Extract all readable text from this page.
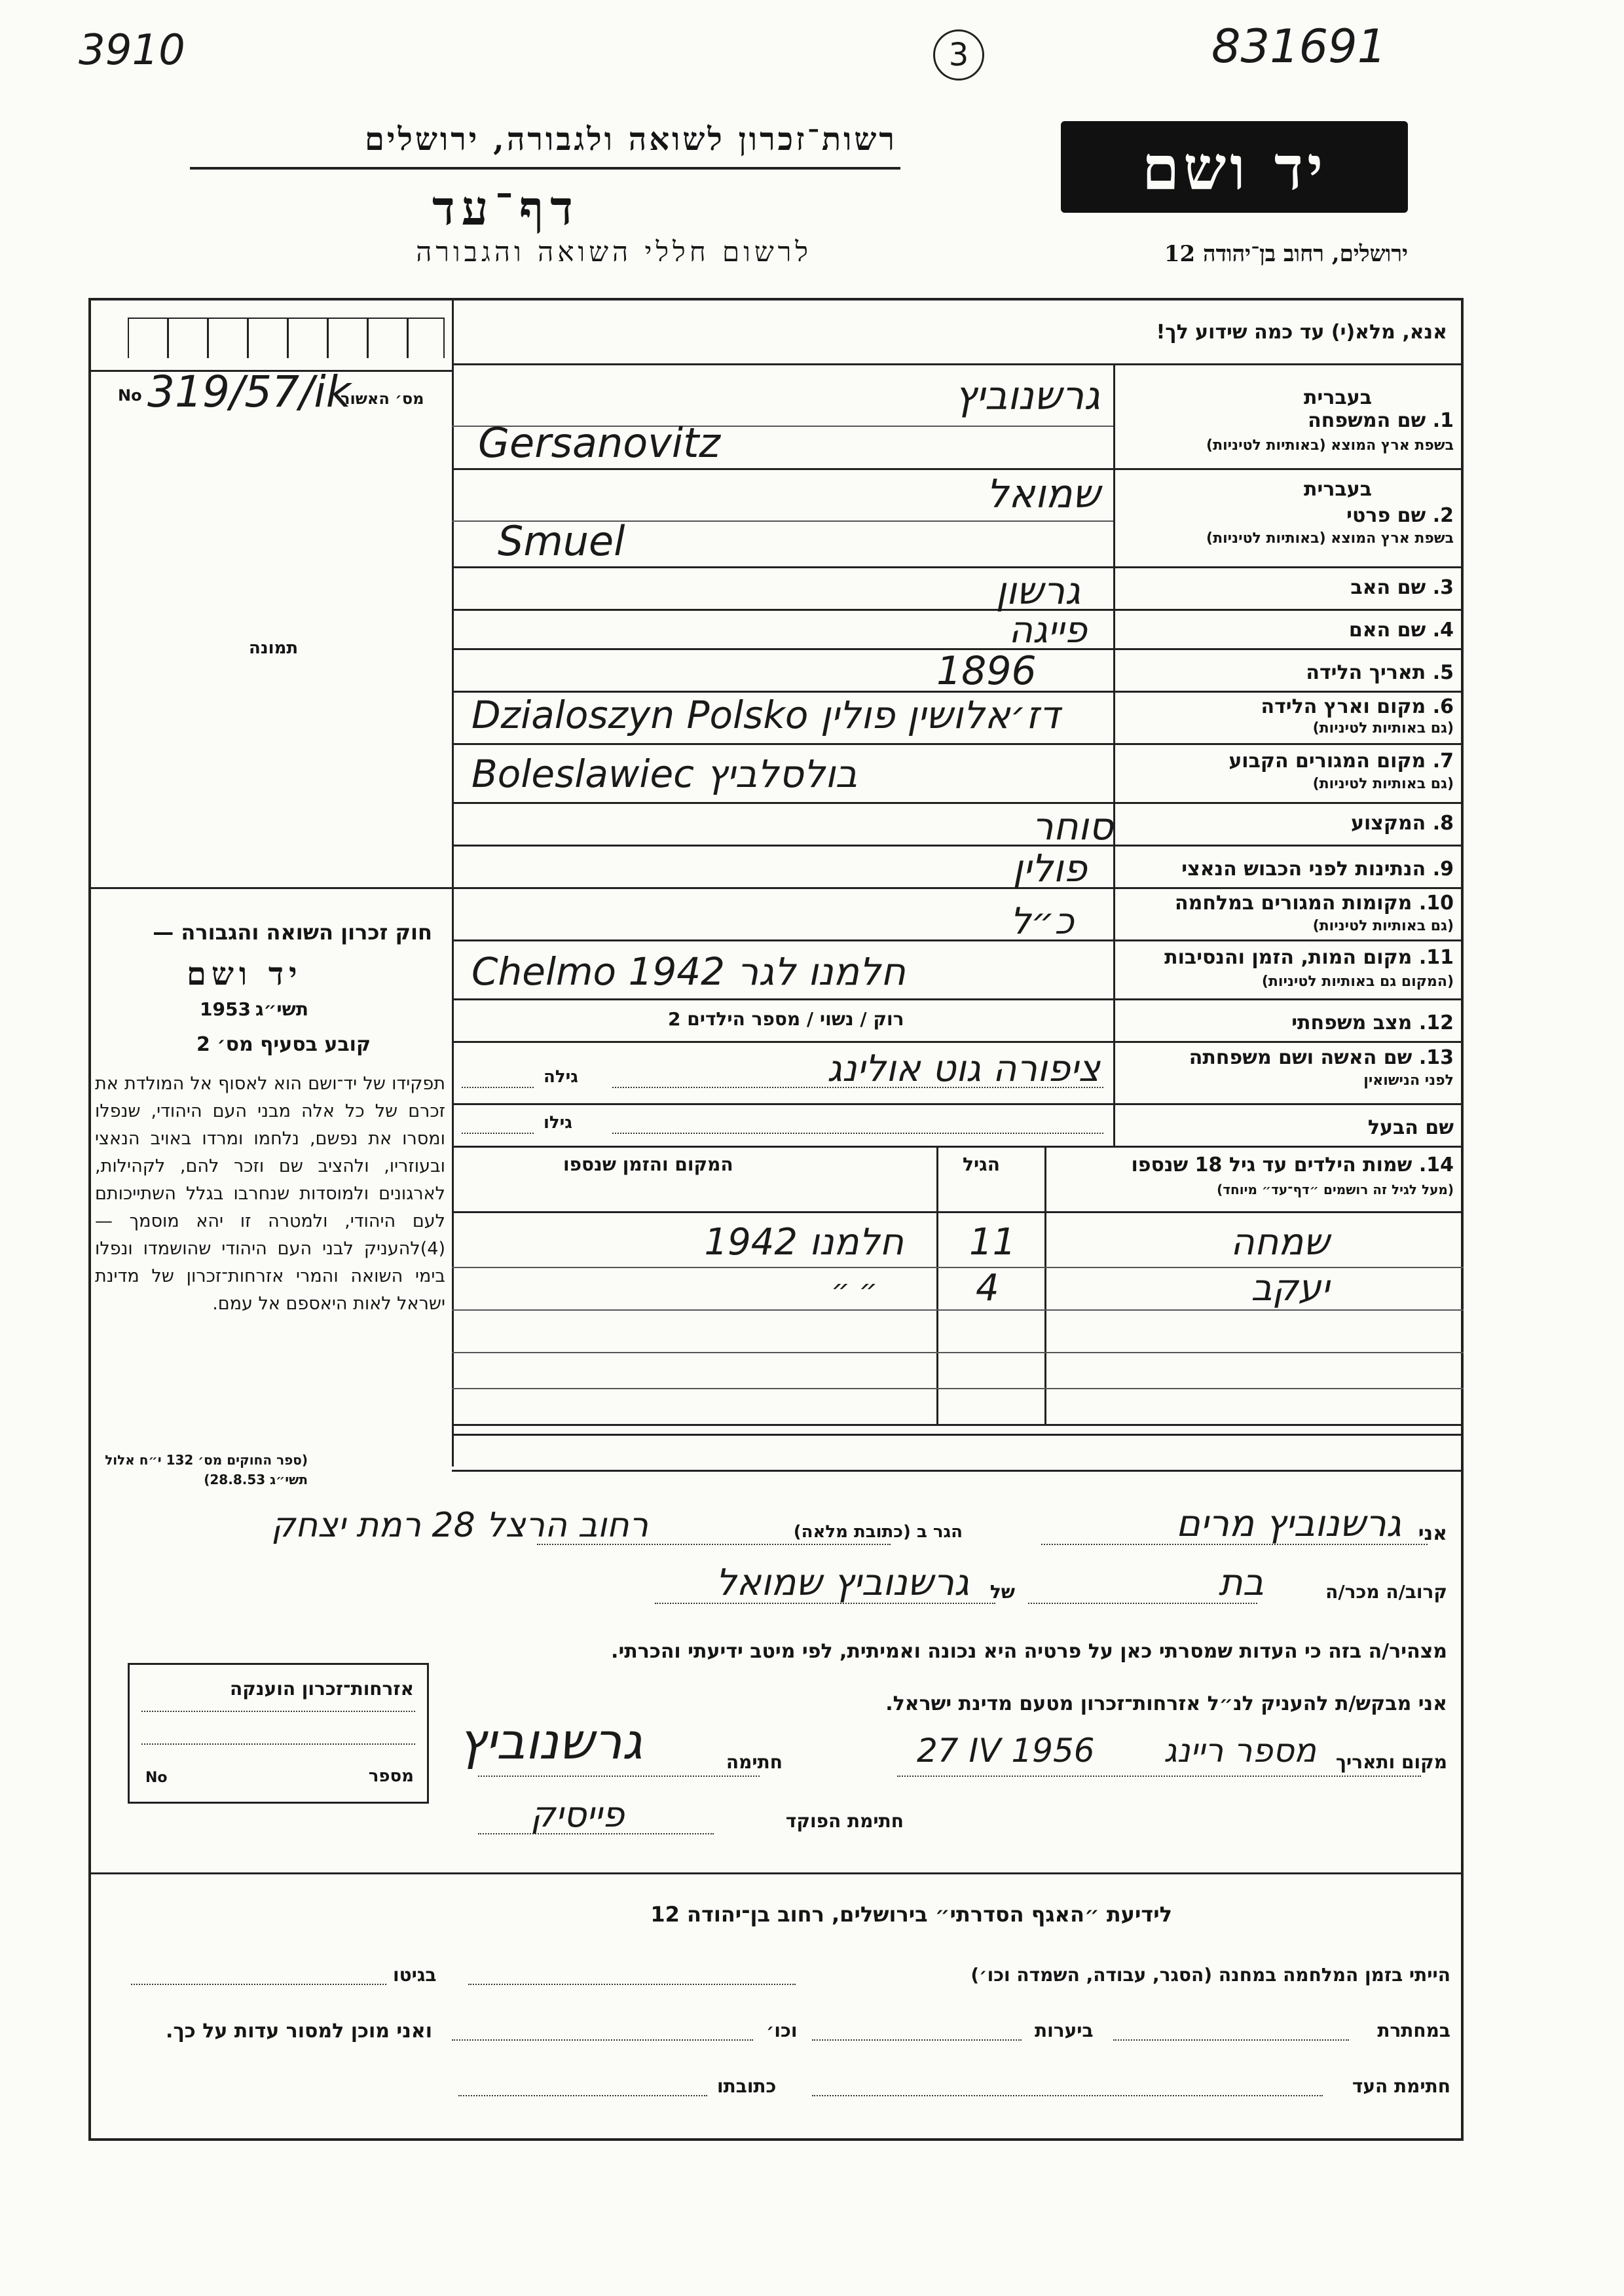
3910	3	831691
רשות־זכרון לשואה ולגבורה, ירושלים
דף־עד
לרשום חללי השואה והגבורה
יד ושם
ירושלים, רחוב בן־יהודה 12
אנא, מלא(י) עד כמה שידוע לך!
No 319/57/ik
מס׳ האשור
תמונה
בעברית
1. שם המשפחה
בשפת ארץ המוצא (באותיות לטיניות)
גרשנוביץ
Gersanovitz
בעברית
2. שם פרטי
בשפת ארץ המוצא (באותיות לטיניות)
שמואל
Smuel
3. שם האב
גרשון
4. שם האם
פייגה
5. תאריך הלידה
1896
6. מקום וארץ הלידה
(גם באותיות לטיניות)
Dzialoszyn Polsko דז׳אלושין פולין
7. מקום המגורים הקבוע
(גם באותיות לטיניות)
Boleslawiec בולסלביץ
8. המקצוע
סוחר
9. הנתינות לפני הכבוש הנאצי
פולין
10. מקומות המגורים במלחמה
(גם באותיות לטיניות)
כ״ל
11. מקום המות, הזמן והנסיבות
(המקום גם באותיות לטיניות)
Chelmo 1942 חלמנו לגר
12. מצב משפחתי
רוק / נשוי / מספר הילדים 2
13. שם האשה ושם משפחתה
לפני הנישואין
ציפורה גוט אולינג
גילה
שם הבעל
גילו
14. שמות הילדים עד גיל 18 שנספו
(מעל לגיל זה רושמים ״דף־עד״ מיוחד)
הגיל
המקום והזמן שנספו
שמחה
11
חלמנו 1942
יעקב
4
״ ״
חוק זכרון השואה והגבורה —
יד ושם
תשי״ג
1953
קובע בסעיף מס׳ 2
תפקידו של יד־ושם הוא לאסוף אל המולדת את זכרם של כל אלה מבני העם היהודי, שנפלו ומסרו את נפשם, נלחמו ומרדו באויב הנאצי ובעוזריו, ולהציב שם וזכר להם, לקהילות, לארגונים ולמוסדות שנחרבו בגלל השתייכותם לעם היהודי, ולמטרה זו יהא מוסמך — (4)להעניק לבני העם היהודי שהושמדו ונפלו בימי השואה והמרי אזרחות־זכרון של מדינת ישראל לאות היאספם אל עמם.
(ספר החוקים מס׳ 132 י״ח אלול תשי״ג 28.8.53)
אזרחות־זכרון הוענקה
מספר
No
אני
גרשנוביץ מרים
הגר ב (כתובת מלאה)
רחוב הרצל 28 רמת יצחק
קרוב/ה מכר/ה
בת
של
גרשנוביץ שמואל
מצהיר/ה בזה כי העדות שמסרתי כאן על פרטיה היא נכונה ואמיתית, לפי מיטב ידיעתי והכרתי.
אני מבקש/ת להעניק לנ״ל אזרחות־זכרון מטעם מדינת ישראל.
מקום ותאריך
מספר ריינג
27 IV 1956
חתימה
גרשנוביץ
חתימת הפוקד
פייסיק
לידיעת ״האגף הסדרתי״ בירושלים, רחוב בן־יהודה 12
הייתי בזמן המלחמה במחנה (הסגר, עבודה, השמדה וכו׳)
בגיטו
במחתרת
ביערות
וכו׳
ואני מוכן למסור עדות על כך.
חתימת העד
כתובתו
